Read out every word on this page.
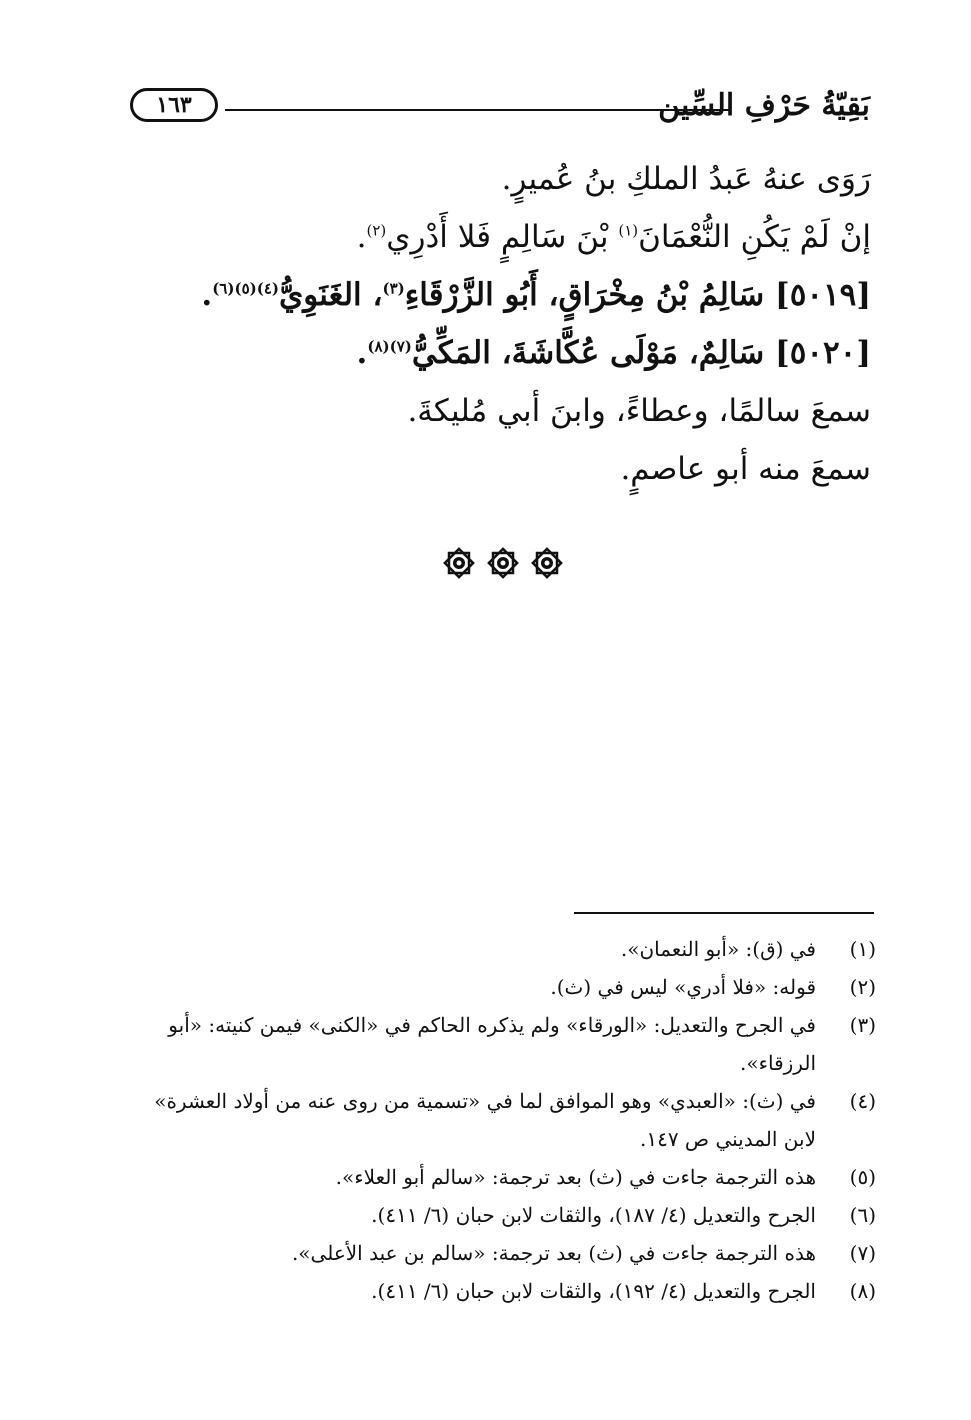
١٦٣	بَقِيّةُ حَرْفِ السِّين
رَوَى عنهُ عَبدُ الملكِ بنُ عُميرٍ.
إنْ لَمْ يَكُنِ النُّعْمَانَ$^{(١)}$ بْنَ سَالِمٍ فَلا أَدْرِي$^{(٢)}$.
[٥٠١٩] سَالِمُ بْنُ مِخْرَاقٍ، أَبُو الزَّرْقَاءِ$^{(٣)}$، الغَنَوِيُّ$^{(٤)(٥)(٦)}$.
[٥٠٢٠] سَالِمٌ، مَوْلَى عُكَّاشَةَ، المَكِّيُّ$^{(٧)(٨)}$.
سمعَ سالمًا، وعطاءً، وابنَ أبي مُليكةَ.
سمعَ منه أبو عاصمٍ.
(١)
في (ق): «أبو النعمان».
(٢)
قوله: «فلا أدري» ليس في (ث).
(٣)
في الجرح والتعديل: «الورقاء» ولم يذكره الحاكم في «الكنى» فيمن كنيته: «أبو الرزقاء».
(٤)
في (ث): «العبدي» وهو الموافق لما في «تسمية من روى عنه من أولاد العشرة» لابن المديني ص ١٤٧.
(٥)
هذه الترجمة جاءت في (ث) بعد ترجمة: «سالم أبو العلاء».
(٦)
الجرح والتعديل (٤/ ١٨٧)، والثقات لابن حبان (٦/ ٤١١).
(٧)
هذه الترجمة جاءت في (ث) بعد ترجمة: «سالم بن عبد الأعلى».
(٨)
الجرح والتعديل (٤/ ١٩٢)، والثقات لابن حبان (٦/ ٤١١).
